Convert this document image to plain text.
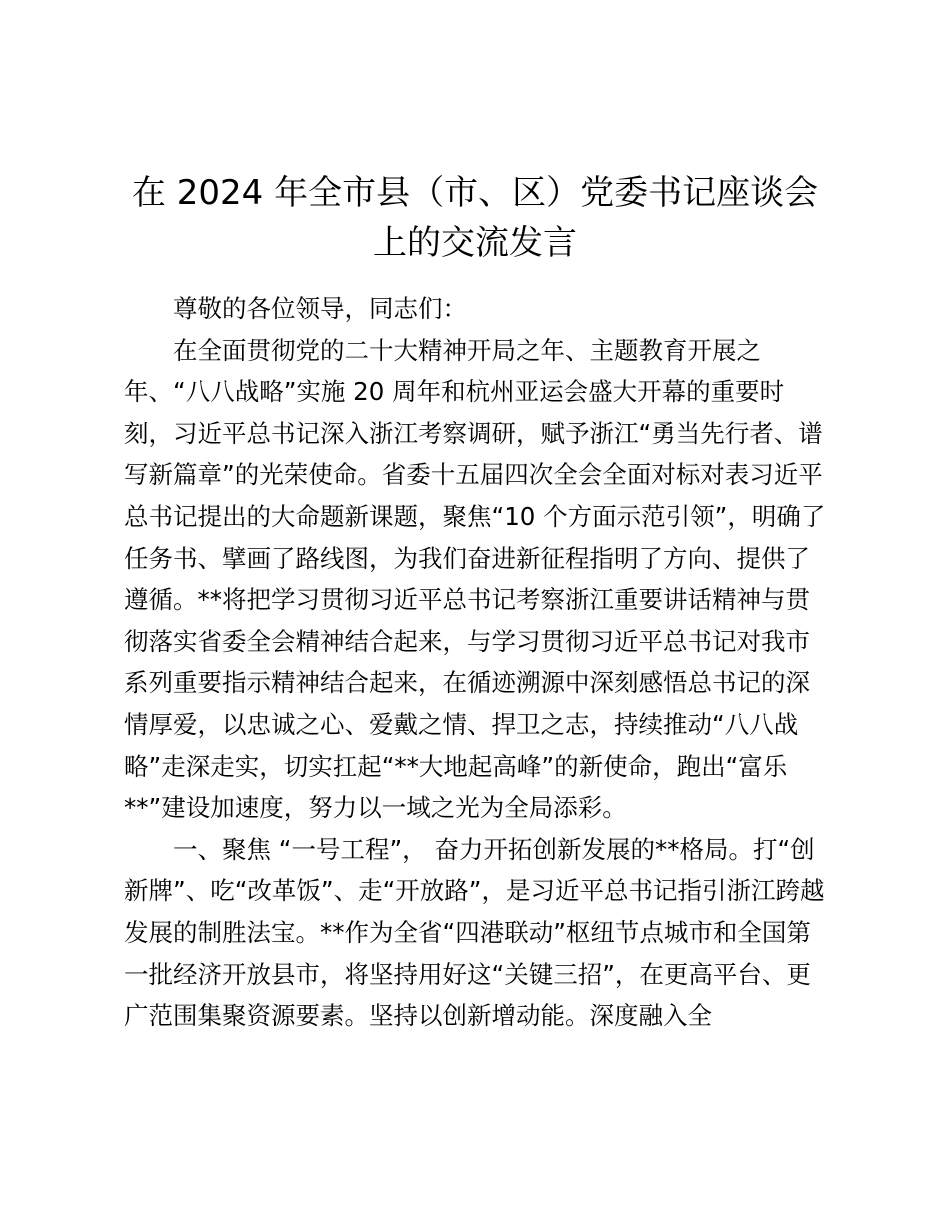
在 2024 年全市县（市、区）党委书记座谈会
上的交流发言
尊敬的各位领导，同志们：
在全面贯彻党的二十大精神开局之年、主题教育开展之
年、“八八战略”实施 20 周年和杭州亚运会盛大开幕的重要时
刻，习近平总书记深入浙江考察调研，赋予浙江“勇当先行者、谱
写新篇章”的光荣使命。省委十五届四次全会全面对标对表习近平
总书记提出的大命题新课题，聚焦“10 个方面示范引领”，明确了
任务书、擘画了路线图，为我们奋进新征程指明了方向、提供了
遵循。**将把学习贯彻习近平总书记考察浙江重要讲话精神与贯
彻落实省委全会精神结合起来，与学习贯彻习近平总书记对我市
系列重要指示精神结合起来，在循迹溯源中深刻感悟总书记的深
情厚爱，以忠诚之心、爱戴之情、捍卫之志，持续推动“八八战
略”走深走实，切实扛起“**大地起高峰”的新使命，跑出“富乐
**”建设加速度，努力以一域之光为全局添彩。
一、聚焦 “一号工程”， 奋力开拓创新发展的**格局。打“创
新牌”、吃“改革饭”、走“开放路”，是习近平总书记指引浙江跨越
发展的制胜法宝。**作为全省“四港联动”枢纽节点城市和全国第
一批经济开放县市，将坚持用好这“关键三招”，在更高平台、更
广范围集聚资源要素。坚持以创新增动能。深度融入全
